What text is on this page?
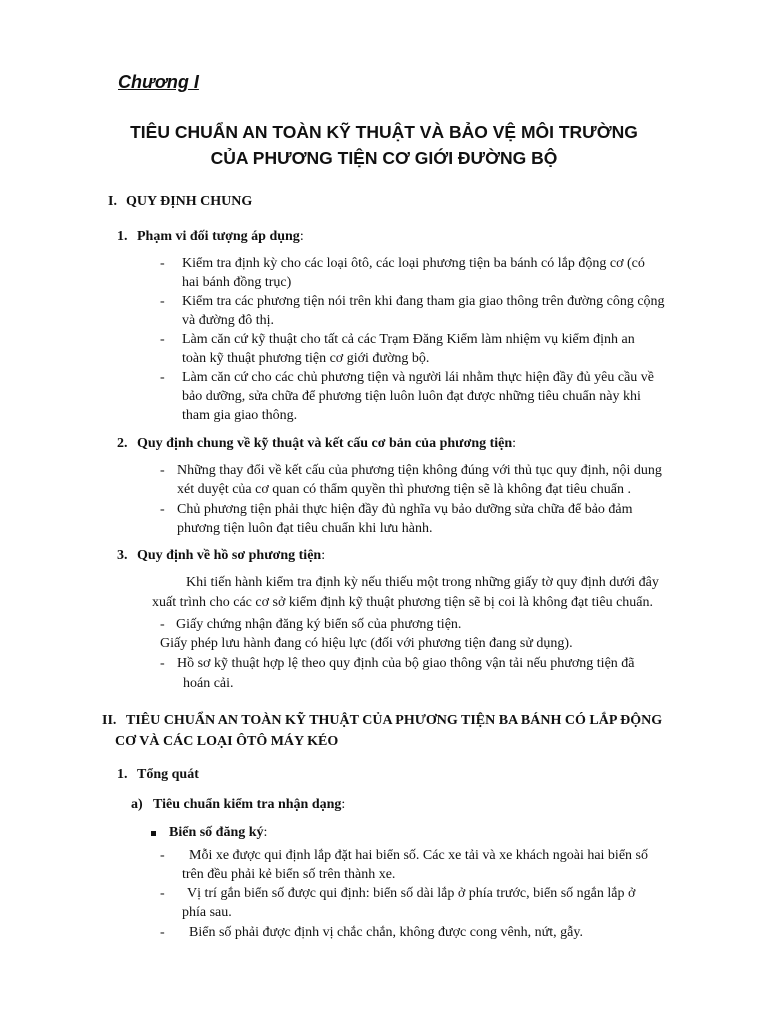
Chương I
TIÊU CHUẨN AN TOÀN KỸ THUẬT VÀ BẢO VỆ MÔI TRƯỜNG
CỦA PHƯƠNG TIỆN CƠ GIỚI ĐƯỜNG BỘ
I. QUY ĐỊNH CHUNG
1. Phạm vi đối tượng áp dụng:
- Kiểm tra định kỳ cho các loại ôtô, các loại phương tiện ba bánh có lắp động cơ (có
hai bánh đồng trục)
- Kiểm tra các phương tiện nói trên khi đang tham gia giao thông trên đường công cộng
và đường đô thị.
- Làm căn cứ kỹ thuật cho tất cả các Trạm Đăng Kiểm làm nhiệm vụ kiểm định an
toàn kỹ thuật phương tiện cơ giới đường bộ.
- Làm căn cứ cho các chủ phương tiện và người lái nhằm thực hiện đầy đủ yêu cầu về
bảo dưỡng, sửa chữa để phương tiện luôn luôn đạt được những tiêu chuẩn này khi
tham gia giao thông.
2. Quy định chung về kỹ thuật và kết cấu cơ bản của phương tiện:
- Những thay đổi về kết cấu của phương tiện không đúng với thủ tục quy định, nội dung
xét duyệt của cơ quan có thẩm quyền thì phương tiện sẽ là không đạt tiêu chuẩn .
- Chủ phương tiện phải thực hiện đầy đủ nghĩa vụ bảo dưỡng sửa chữa để bảo đảm
phương tiện luôn đạt tiêu chuẩn khi lưu hành.
3. Quy định về hồ sơ phương tiện:
Khi tiến hành kiểm tra định kỳ nếu thiếu một trong những giấy tờ quy định dưới đây
xuất trình cho các cơ sở kiểm định kỹ thuật phương tiện sẽ bị coi là không đạt tiêu chuẩn.
- Giấy chứng nhận đăng ký biển số của phương tiện.
Giấy phép lưu hành đang có hiệu lực (đối với phương tiện đang sử dụng).
- Hồ sơ kỹ thuật hợp lệ theo quy định của bộ giao thông vận tải nếu phương tiện đã
hoán cải.
II. TIÊU CHUẨN AN TOÀN KỸ THUẬT CỦA PHƯƠNG TIỆN BA BÁNH CÓ LẮP ĐỘNG
CƠ VÀ CÁC LOẠI ÔTÔ MÁY KÉO
1. Tổng quát
a) Tiêu chuẩn kiểm tra nhận dạng:
Biển số đăng ký:
- Mỗi xe được qui định lắp đặt hai biển số. Các xe tải và xe khách ngoài hai biển số
trên đều phải kẻ biển số trên thành xe.
- Vị trí gắn biển số được qui định: biển số dài lắp ở phía trước, biển số ngắn lắp ở
phía sau.
- Biển số phải được định vị chắc chắn, không được cong vênh, nứt, gẫy.
